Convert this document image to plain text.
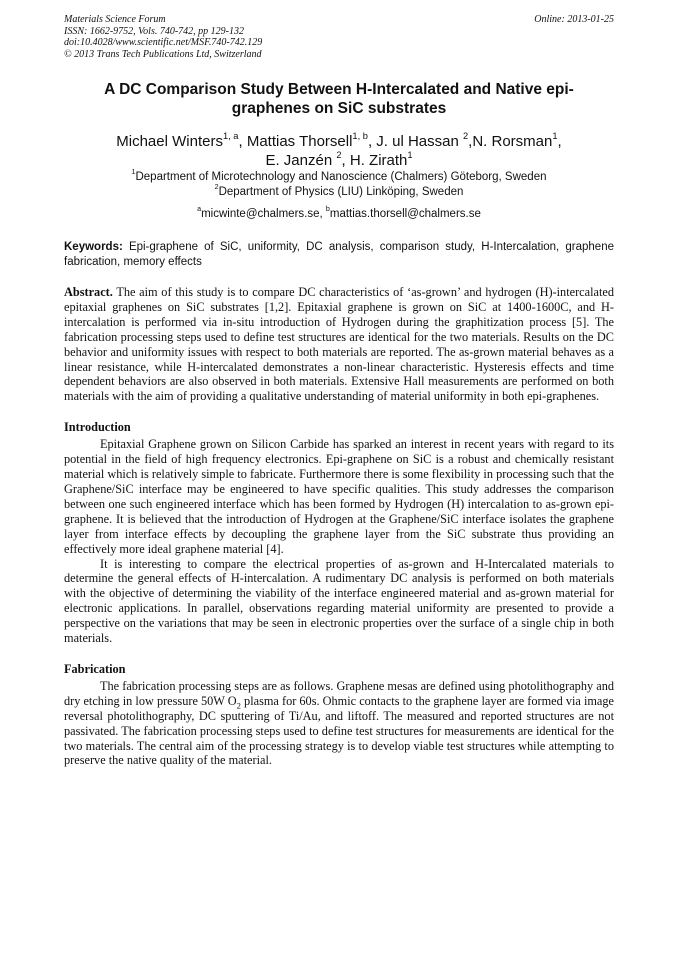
Materials Science Forum
ISSN: 1662-9752, Vols. 740-742, pp 129-132
doi:10.4028/www.scientific.net/MSF.740-742.129
© 2013 Trans Tech Publications Ltd, Switzerland
Online: 2013-01-25
A DC Comparison Study Between H-Intercalated and Native epi-graphenes on SiC substrates
Michael Winters$^{1, a}$, Mattias Thorsell$^{1, b}$, J. ul Hassan $^2$,N. Rorsman$^1$,
E. Janzén $^2$, H. Zirath$^1$
$^1$Department of Microtechnology and Nanoscience (Chalmers) Göteborg, Sweden
$^2$Department of Physics (LIU) Linköping, Sweden
$^a$micwinte@chalmers.se, $^b$mattias.thorsell@chalmers.se
Keywords: Epi-graphene of SiC, uniformity, DC analysis, comparison study, H-Intercalation, graphene fabrication, memory effects

Abstract. The aim of this study is to compare DC characteristics of ‘as-grown’ and hydrogen (H)-intercalated epitaxial graphenes on SiC substrates [1,2]. Epitaxial graphene is grown on SiC at 1400-1600C, and H-intercalation is performed via in-situ introduction of Hydrogen during the graphitization process [5]. The fabrication processing steps used to define test structures are identical for the two materials. Results on the DC behavior and uniformity issues with respect to both materials are reported. The as-grown material behaves as a linear resistance, while H-intercalated demonstrates a non-linear characteristic. Hysteresis effects and time dependent behaviors are also observed in both materials. Extensive Hall measurements are performed on both materials with the aim of providing a qualitative understanding of material uniformity in both epi-graphenes.

Introduction

Epitaxial Graphene grown on Silicon Carbide has sparked an interest in recent years with regard to its potential in the field of high frequency electronics. Epi-graphene on SiC is a robust and chemically resistant material which is relatively simple to fabricate. Furthermore there is some flexibility in processing such that the Graphene/SiC interface may be engineered to have specific qualities. This study addresses the comparison between one such engineered interface which has been formed by Hydrogen (H) intercalation to as-grown epi-graphene. It is believed that the introduction of Hydrogen at the Graphene/SiC interface isolates the graphene layer from interface effects by decoupling the graphene layer from the SiC substrate thus providing an effectively more ideal graphene material [4].

It is interesting to compare the electrical properties of as-grown and H-Intercalated materials to determine the general effects of H-intercalation. A rudimentary DC analysis is performed on both materials with the objective of determining the viability of the interface engineered material and as-grown material for electronic applications. In parallel, observations regarding material uniformity are presented to provide a perspective on the variations that may be seen in electronic properties over the surface of a single chip in both materials.

Fabrication

The fabrication processing steps are as follows. Graphene mesas are defined using photolithography and dry etching in low pressure 50W $O_2$ plasma for 60s. Ohmic contacts to the graphene layer are formed via image reversal photolithography, DC sputtering of Ti/Au, and liftoff. The measured and reported structures are not passivated. The fabrication processing steps used to define test structures for measurements are identical for the two materials. The central aim of the processing strategy is to develop viable test structures while attempting to preserve the native quality of the material.
